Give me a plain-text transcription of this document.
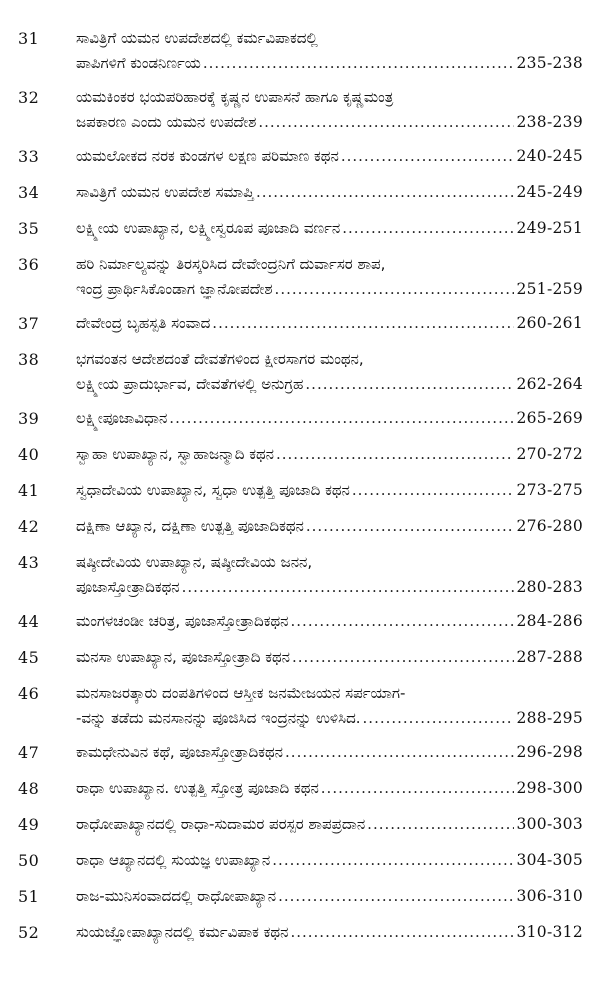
31	ಸಾವಿತ್ರಿಗೆ ಯಮನ ಉಪದೇಶದಲ್ಲಿ ಕರ್ಮವಿಪಾಕದಲ್ಲಿ
ಪಾಪಿಗಳಿಗೆ ಕುಂಡನಿರ್ಣಯ .....	235-238
32	ಯಮಕಿಂಕರ ಭಯಪರಿಹಾರಕ್ಕೆ ಕೃಷ್ಣನ ಉಪಾಸನೆ ಹಾಗೂ ಕೃಷ್ಣಮಂತ್ರ
ಜಪಕಾರಣ ಎಂದು ಯಮನ ಉಪದೇಶ .....	238-239
33	ಯಮಲೋಕದ ನರಕ ಕುಂಡಗಳ ಲಕ್ಷಣ ಪರಿಮಾಣ ಕಥನ .....	240-245
34	ಸಾವಿತ್ರಿಗೆ ಯಮನ ಉಪದೇಶ ಸಮಾಪ್ತಿ .....	245-249
35	ಲಕ್ಷ್ಮೀಯ ಉಪಾಖ್ಯಾನ, ಲಕ್ಷ್ಮೀಸ್ವರೂಪ ಪೂಜಾದಿ ವರ್ಣನ .....	249-251
36	ಹರಿ ನಿರ್ಮಾಲ್ಯವನ್ನು ತಿರಸ್ಕರಿಸಿದ ದೇವೇಂದ್ರನಿಗೆ ದುರ್ವಾಸರ ಶಾಪ,
ಇಂದ್ರ ಪ್ರಾರ್ಥಿಸಿಕೊಂಡಾಗ ಜ್ಞಾನೋಪದೇಶ .....	251-259
37	ದೇವೇಂದ್ರ ಬೃಹಸ್ಪತಿ ಸಂವಾದ .....	260-261
38	ಭಗವಂತನ ಆದೇಶದಂತೆ ದೇವತೆಗಳಿಂದ ಕ್ಷೀರಸಾಗರ ಮಂಥನ,
ಲಕ್ಷ್ಮೀಯ ಪ್ರಾದುರ್ಭಾವ, ದೇವತೆಗಳಲ್ಲಿ ಅನುಗ್ರಹ .....	262-264
39	ಲಕ್ಷ್ಮೀಪೂಜಾವಿಧಾನ .....	265-269
40	ಸ್ವಾಹಾ ಉಪಾಖ್ಯಾನ, ಸ್ವಾಹಾಜನ್ಮಾದಿ ಕಥನ .....	270-272
41	ಸ್ವಧಾದೇವಿಯ ಉಪಾಖ್ಯಾನ, ಸ್ವಧಾ ಉತ್ಪತ್ತಿ ಪೂಜಾದಿ ಕಥನ .....	273-275
42	ದಕ್ಷಿಣಾ ಆಖ್ಯಾನ, ದಕ್ಷಿಣಾ ಉತ್ಪತ್ತಿ ಪೂಜಾದಿಕಥನ .....	276-280
43	ಷಷ್ಠೀದೇವಿಯ ಉಪಾಖ್ಯಾನ, ಷಷ್ಠೀದೇವಿಯ ಜನನ,
ಪೂಜಾಸ್ತೋತ್ರಾದಿಕಥನ .....	280-283
44	ಮಂಗಳಚಂಡೀ ಚರಿತ್ರ, ಪೂಜಾಸ್ತೋತ್ರಾದಿಕಥನ .....	284-286
45	ಮನಸಾ ಉಪಾಖ್ಯಾನ, ಪೂಜಾಸ್ತೋತ್ರಾದಿ ಕಥನ .....	287-288
46	ಮನಸಾಜರತ್ಕಾರು ದಂಪತಿಗಳಿಂದ ಆಸ್ತೀಕ ಜನಮೇಜಯನ ಸರ್ಪಯಾಗ-
-ವನ್ನು ತಡೆದು ಮನಸಾನನ್ನು ಪೂಜಿಸಿದ ಇಂದ್ರನನ್ನು ಉಳಿಸಿದ. .....	288-295
47	ಕಾಮಧೇನುವಿನ ಕಥೆ, ಪೂಜಾಸ್ತೋತ್ರಾದಿಕಥನ .....	296-298
48	ರಾಧಾ ಉಪಾಖ್ಯಾನ. ಉತ್ಪತ್ತಿ ಸ್ತೋತ್ರ ಪೂಜಾದಿ ಕಥನ .....	298-300
49	ರಾಧೋಪಾಖ್ಯಾನದಲ್ಲಿ ರಾಧಾ-ಸುದಾಮರ ಪರಸ್ಪರ ಶಾಪಪ್ರದಾನ .....	300-303
50	ರಾಧಾ ಆಖ್ಯಾನದಲ್ಲಿ ಸುಯಜ್ಞ ಉಪಾಖ್ಯಾನ .....	304-305
51	ರಾಜ-ಮುನಿಸಂವಾದದಲ್ಲಿ ರಾಧೋಪಾಖ್ಯಾನ .....	306-310
52	ಸುಯಜ್ಞೋಪಾಖ್ಯಾನದಲ್ಲಿ ಕರ್ಮವಿಪಾಕ ಕಥನ .....	310-312
